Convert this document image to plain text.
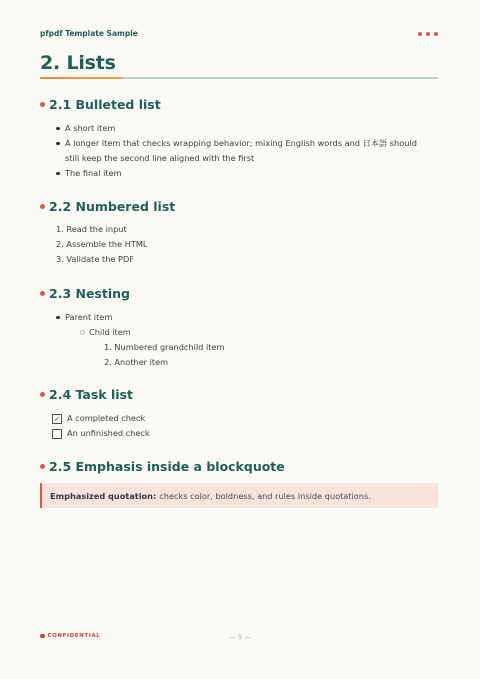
pfpdf Template Sample
2. Lists
2.1 Bulleted list
A short item
A longer item that checks wrapping behavior; mixing English words and 日本語 should still keep the second line aligned with the first
The final item
2.2 Numbered list
1. Read the input
2. Assemble the HTML
3. Validate the PDF
2.3 Nesting
Parent item
Child item
1. Numbered grandchild item
2. Another item
2.4 Task list
✓ A completed check
An unfinished check
2.5 Emphasis inside a blockquote
Emphasized quotation: checks color, boldness, and rules inside quotations.
CONFIDENTIAL	— 5 —
